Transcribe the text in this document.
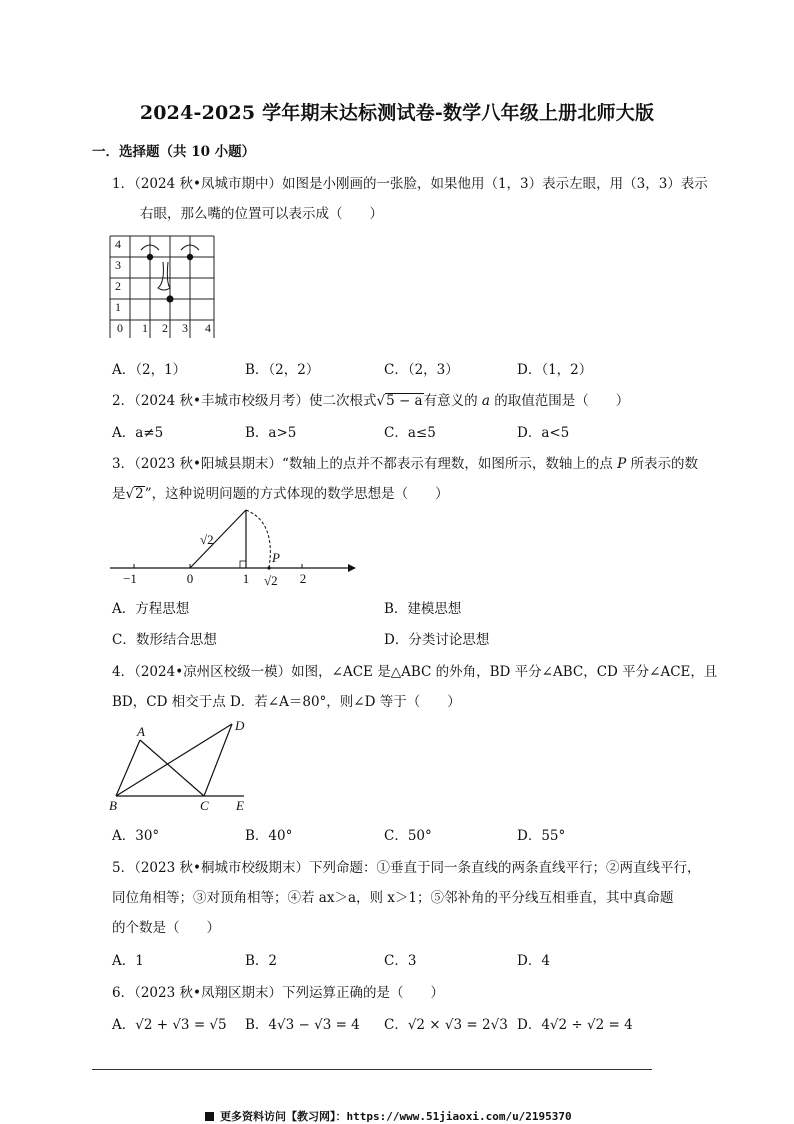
2024-2025 学年期末达标测试卷-数学八年级上册北师大版
一．选择题（共 10 小题）
1．（2024 秋•凤城市期中）如图是小刚画的一张脸，如果他用（1，3）表示左眼，用（3，3）表示
右眼，那么嘴的位置可以表示成（　　）
4
3
2
1
0 1 2 3 4
A．（2，1）	B．（2，2）	C．（2，3）	D．（1，2）
2．（2024 秋•丰城市校级月考）使二次根式√5 − a有意义的 a 的取值范围是（　　）
A．a≠5	B．a>5	C．a≤5	D．a<5
3．（2023 秋•阳城县期末）“数轴上的点并不都表示有理数，如图所示，数轴上的点 P 所表示的数
是√2”，这种说明问题的方式体现的数学思想是（　　）
−1	0	1	2
√2
√2
P
A．方程思想	B．建模思想
C．数形结合思想	D．分类讨论思想
4．（2024•凉州区校级一模）如图，∠ACE 是△ABC 的外角，BD 平分∠ABC，CD 平分∠ACE，且
BD，CD 相交于点 D．若∠A＝80°，则∠D 等于（　　）
A
B	C
D
E
A．30°	B．40°	C．50°	D．55°
5．（2023 秋•桐城市校级期末）下列命题：①垂直于同一条直线的两条直线平行；②两直线平行，
同位角相等；③对顶角相等；④若 ax＞a，则 x＞1；⑤邻补角的平分线互相垂直，其中真命题
的个数是（　　）
A．1	B．2	C．3	D．4
6．（2023 秋•凤翔区期末）下列运算正确的是（　　）
A．√2 + √3 = √5 B．4√3 − √3 = 4 C．√2 × √3 = 2√3 D．4√2 ÷ √2 = 4
更多资料访问【教习网】：https://www.51jiaoxi.com/u/2195370
